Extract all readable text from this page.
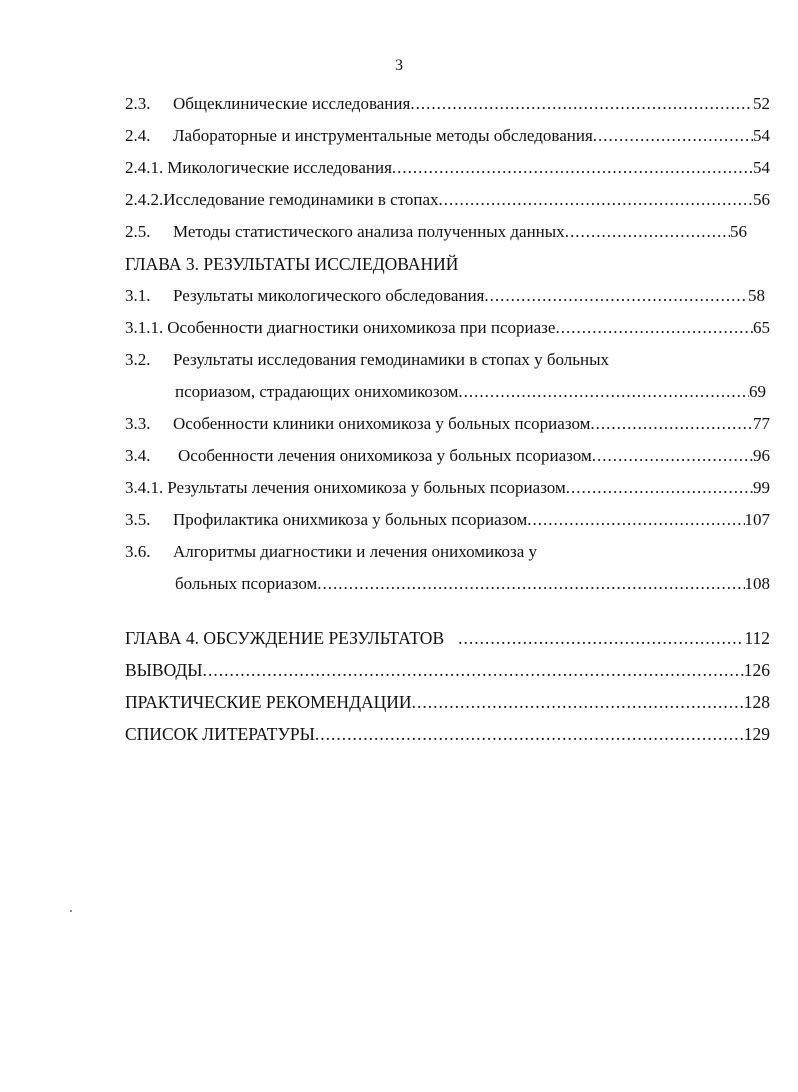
3
2.3.	Общеклинические исследования .....	52
2.4.	Лабораторные и инструментальные методы обследования .....	54
2.4.1. Микологические исследования .....	54
2.4.2. Исследование гемодинамики в стопах .....	56
2.5.	Методы статистического анализа полученных данных .....	56
ГЛАВА 3. РЕЗУЛЬТАТЫ ИССЛЕДОВАНИЙ
3.1.	Результаты микологического обследования .....	58
3.1.1. Особенности диагностики онихомикоза при псориазе .....	65
3.2.	Результаты исследования гемодинамики в стопах у больных
псориазом, страдающих онихомикозом .....	69
3.3.	Особенности клиники онихомикоза у больных псориазом .....	77
3.4.	Особенности лечения онихомикоза у больных псориазом .....	96
3.4.1. Результаты лечения онихомикоза у больных псориазом .....	99
3.5.	Профилактика онихмикоза у больных псориазом .....	107
3.6.	Алгоритмы диагностики и лечения онихомикоза у
больных псориазом .....	108
ГЛАВА 4. ОБСУЖДЕНИЕ РЕЗУЛЬТАТОВ .....	112
ВЫВОДЫ .....	126
ПРАКТИЧЕСКИЕ РЕКОМЕНДАЦИИ .....	128
СПИСОК ЛИТЕРАТУРЫ .....	129
